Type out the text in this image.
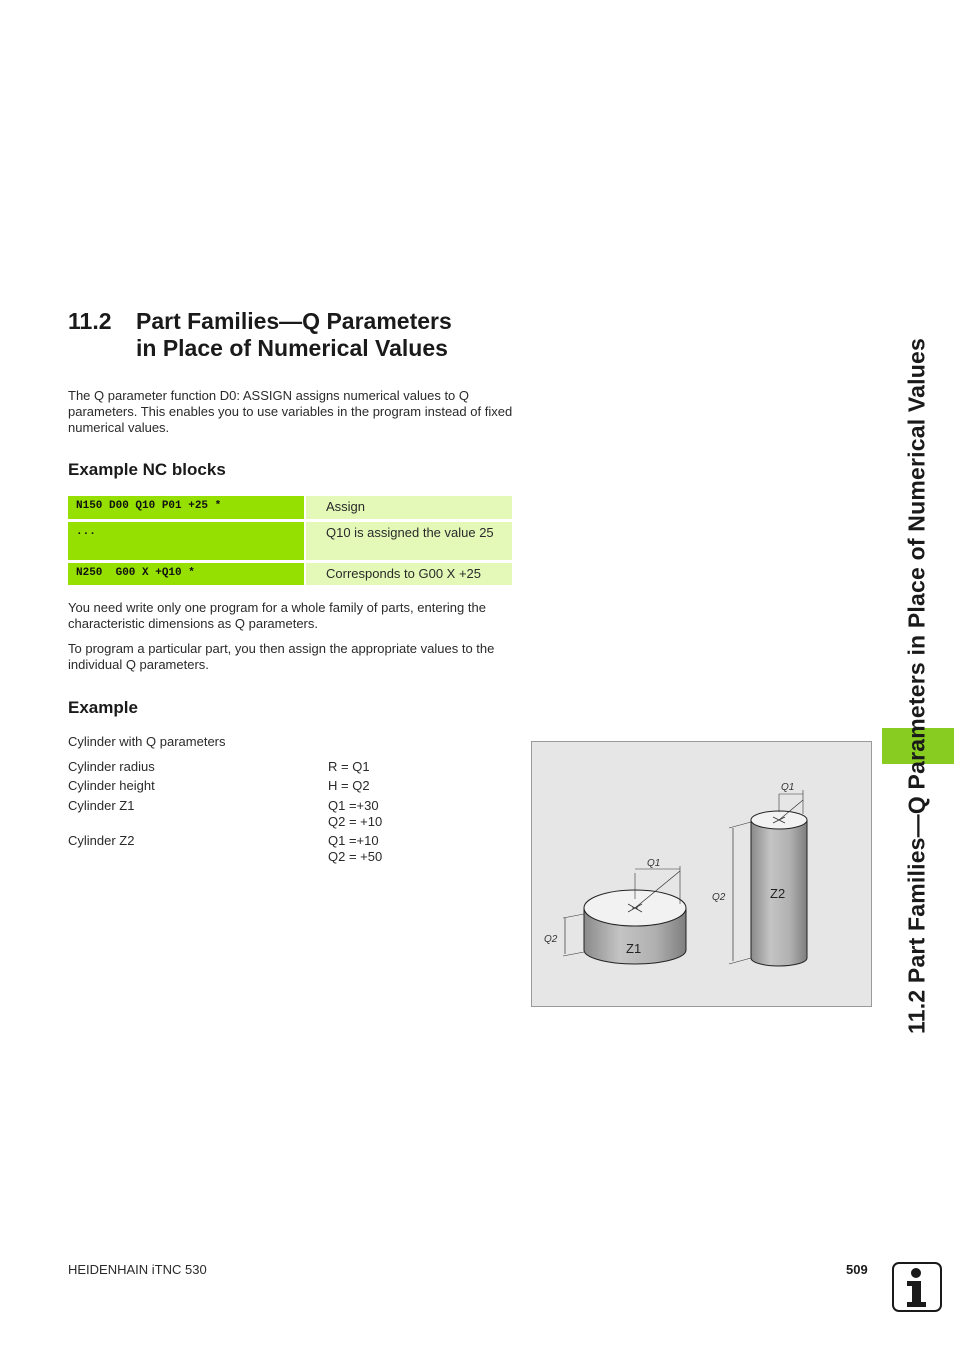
11.2 Part Families—Q Parameters
in Place of Numerical Values

The Q parameter function D0: ASSIGN assigns numerical values to Q parameters. This enables you to use variables in the program instead of fixed numerical values.

Example NC blocks
N150 D00 Q10 P01 +25 *	Assign
...	Q10 is assigned the value 25
N250  G00 X +Q10 *	Corresponds to G00 X +25

You need write only one program for a whole family of parts, entering the characteristic dimensions as Q parameters.

To program a particular part, you then assign the appropriate values to the individual Q parameters.

Example
Cylinder with Q parameters
Cylinder radius	R = Q1
Cylinder height	H = Q2
Cylinder Z1	Q1 =+30
Q2 = +10
Cylinder Z2	Q1 =+10
Q2 = +50
Z1
Z2
Q1
Q2
Q1
Q2	11.2 Part Families—Q Parameters in Place of Numerical Values
HEIDENHAIN iTNC 530	509
